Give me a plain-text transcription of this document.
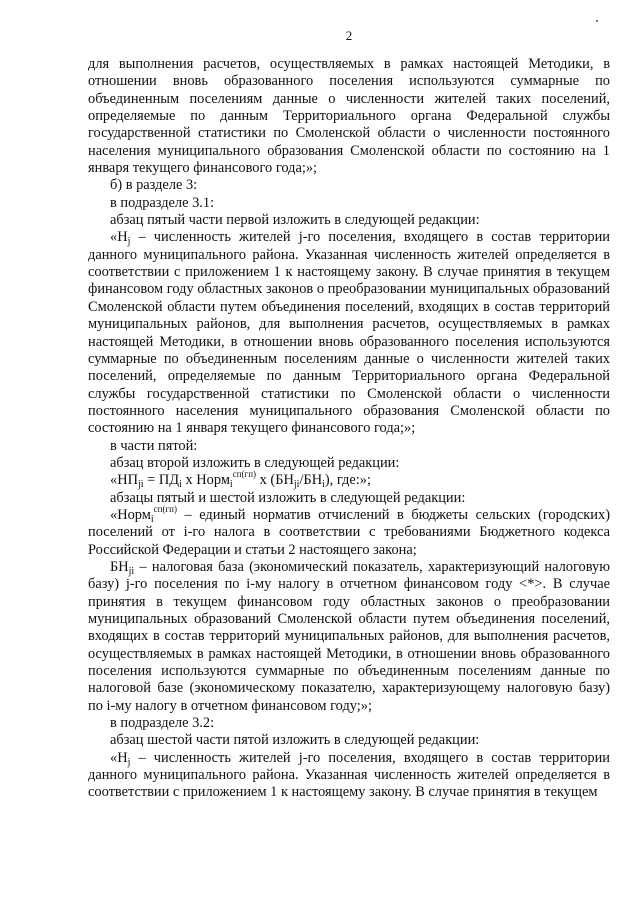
2

для выполнения расчетов, осуществляемых в рамках настоящей Методики, в отношении вновь образованного поселения используются суммарные по объединенным поселениям данные о численности жителей таких поселений, определяемые по данным Территориального органа Федеральной службы государственной статистики по Смоленской области о численности постоянного населения муниципального образования Смоленской области по состоянию на 1 января текущего финансового года;»;

б) в разделе 3:

в подразделе 3.1:

абзац пятый части первой изложить в следующей редакции:

«$Н_j$ – численность жителей j-го поселения, входящего в состав территории данного муниципального района. Указанная численность жителей определяется в соответствии с приложением 1 к настоящему закону. В случае принятия в текущем финансовом году областных законов о преобразовании муниципальных образований Смоленской области путем объединения поселений, входящих в состав территорий муниципальных районов, для выполнения расчетов, осуществляемых в рамках настоящей Методики, в отношении вновь образованного поселения используются суммарные по объединенным поселениям данные о численности жителей таких поселений, определяемые по данным Территориального органа Федеральной службы государственной статистики по Смоленской области о численности постоянного населения муниципального образования Смоленской области по состоянию на 1 января текущего финансового года;»;

в части пятой:

абзац второй изложить в следующей редакции:

«$НП_{ji} = ПД_i$ х Норм$_i^{сп(гп)}$ х $(БН_{ji}/БН_i)$, где:»;

абзацы пятый и шестой изложить в следующей редакции:

«Норм$_i^{сп(гп)}$ – единый норматив отчислений в бюджеты сельских (городских) поселений от i-го налога в соответствии с требованиями Бюджетного кодекса Российской Федерации и статьи 2 настоящего закона;

$БН_{ji}$ – налоговая база (экономический показатель, характеризующий налоговую базу) j-го поселения по i-му налогу в отчетном финансовом году <*>. В случае принятия в текущем финансовом году областных законов о преобразовании муниципальных образований Смоленской области путем объединения поселений, входящих в состав территорий муниципальных районов, для выполнения расчетов, осуществляемых в рамках настоящей Методики, в отношении вновь образованного поселения используются суммарные по объединенным поселениям данные по налоговой базе (экономическому показателю, характеризующему налоговую базу) по i-му налогу в отчетном финансовом году;»;

в подразделе 3.2:

абзац шестой части пятой изложить в следующей редакции:

«$Н_j$ – численность жителей j-го поселения, входящего в состав территории данного муниципального района. Указанная численность жителей определяется в соответствии с приложением 1 к настоящему закону. В случае принятия в текущем
